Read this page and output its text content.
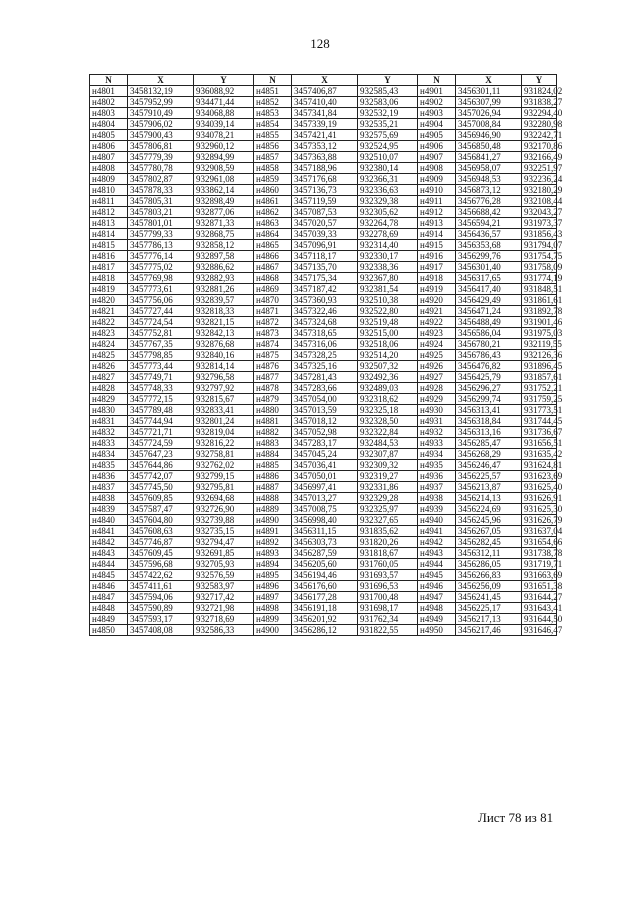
128
N	X	Y	N	X	Y	N	X	Y
н4801	3458132,19	936088,92	н4851	3457406,87	932585,43	н4901	3456301,11	931824,02
н4802	3457952,99	934471,44	н4852	3457410,40	932583,06	н4902	3456307,99	931838,27
н4803	3457910,49	934068,88	н4853	3457341,84	932532,19	н4903	3457026,94	932294,40
н4804	3457906,02	934039,14	н4854	3457339,19	932535,21	н4904	3457008,84	932280,98
н4805	3457900,43	934078,21	н4855	3457421,41	932575,69	н4905	3456946,90	932242,71
н4806	3457806,81	932960,12	н4856	3457353,12	932524,95	н4906	3456850,48	932170,86
н4807	3457779,39	932894,99	н4857	3457363,88	932510,07	н4907	3456841,27	932166,49
н4808	3457780,78	932908,59	н4858	3457188,96	932380,14	н4908	3456958,07	932251,97
н4809	3457802,87	932961,08	н4859	3457176,68	932366,31	н4909	3456948,53	932236,24
н4810	3457878,33	933862,14	н4860	3457136,73	932336,63	н4910	3456873,12	932180,29
н4811	3457805,31	932898,49	н4861	3457119,59	932329,38	н4911	3456776,28	932108,44
н4812	3457803,21	932877,06	н4862	3457087,53	932305,62	н4912	3456688,42	932043,27
н4813	3457801,01	932871,33	н4863	3457020,57	932264,78	н4913	3456594,21	931973,37
н4814	3457799,33	932868,75	н4864	3457039,33	932278,69	н4914	3456436,57	931856,43
н4815	3457786,13	932858,12	н4865	3457096,91	932314,40	н4915	3456353,68	931794,07
н4816	3457776,14	932897,58	н4866	3457118,17	932330,17	н4916	3456299,76	931754,75
н4817	3457775,02	932886,62	н4867	3457135,70	932338,36	н4917	3456301,40	931758,09
н4818	3457769,98	932882,93	н4868	3457175,34	932367,80	н4918	3456317,65	931774,19
н4819	3457773,61	932881,26	н4869	3457187,42	932381,54	н4919	3456417,40	931848,51
н4820	3457756,06	932839,57	н4870	3457360,93	932510,38	н4920	3456429,49	931861,61
н4821	3457727,44	932818,33	н4871	3457322,46	932522,80	н4921	3456471,24	931892,78
н4822	3457724,54	932821,15	н4872	3457324,68	932519,48	н4922	3456488,49	931901,46
н4823	3457752,81	932842,13	н4873	3457318,65	932515,00	н4923	3456586,04	931975,03
н4824	3457767,35	932876,68	н4874	3457316,06	932518,06	н4924	3456780,21	932119,55
н4825	3457798,85	932840,16	н4875	3457328,25	932514,20	н4925	3456786,43	932126,36
н4826	3457773,44	932814,14	н4876	3457325,16	932507,32	н4926	3456476,82	931896,45
н4827	3457749,71	932796,58	н4877	3457281,43	932492,36	н4927	3456425,79	931857,61
н4828	3457748,33	932797,92	н4878	3457283,66	932489,03	н4928	3456296,27	931752,21
н4829	3457772,15	932815,67	н4879	3457054,00	932318,62	н4929	3456299,74	931759,25
н4830	3457789,48	932833,41	н4880	3457013,59	932325,18	н4930	3456313,41	931773,51
н4831	3457744,94	932801,24	н4881	3457018,12	932328,50	н4931	3456318,84	931744,45
н4832	3457721,71	932819,04	н4882	3457052,98	932322,84	н4932	3456313,16	931736,67
н4833	3457724,59	932816,22	н4883	3457283,17	932484,53	н4933	3456285,47	931656,51
н4834	3457647,23	932758,81	н4884	3457045,24	932307,87	н4934	3456268,29	931635,42
н4835	3457644,86	932762,02	н4885	3457036,41	932309,32	н4935	3456246,47	931624,81
н4836	3457742,07	932799,15	н4886	3457050,01	932319,27	н4936	3456225,57	931623,69
н4837	3457745,50	932795,81	н4887	3456997,41	932331,86	н4937	3456213,87	931625,40
н4838	3457609,85	932694,68	н4888	3457013,27	932329,28	н4938	3456214,13	931626,91
н4839	3457587,47	932726,90	н4889	3457008,75	932325,97	н4939	3456224,69	931625,30
н4840	3457604,80	932739,88	н4890	3456998,40	932327,65	н4940	3456245,96	931626,79
н4841	3457608,63	932735,15	н4891	3456311,15	931835,62	н4941	3456267,05	931637,04
н4842	3457746,87	932794,47	н4892	3456303,73	931820,26	н4942	3456282,45	931654,66
н4843	3457609,45	932691,85	н4893	3456287,59	931818,67	н4943	3456312,11	931738,78
н4844	3457596,68	932705,93	н4894	3456205,60	931760,05	н4944	3456286,05	931719,71
н4845	3457422,62	932576,59	н4895	3456194,46	931693,57	н4945	3456266,83	931663,69
н4846	3457411,61	932583,97	н4896	3456176,60	931696,53	н4946	3456256,09	931651,38
н4847	3457594,06	932717,42	н4897	3456177,28	931700,48	н4947	3456241,45	931644,27
н4848	3457590,89	932721,98	н4898	3456191,18	931698,17	н4948	3456225,17	931643,41
н4849	3457593,17	932718,69	н4899	3456201,92	931762,34	н4949	3456217,13	931644,50
н4850	3457408,08	932586,33	н4900	3456286,12	931822,55	н4950	3456217,46	931646,47
Лист 78 из 81
